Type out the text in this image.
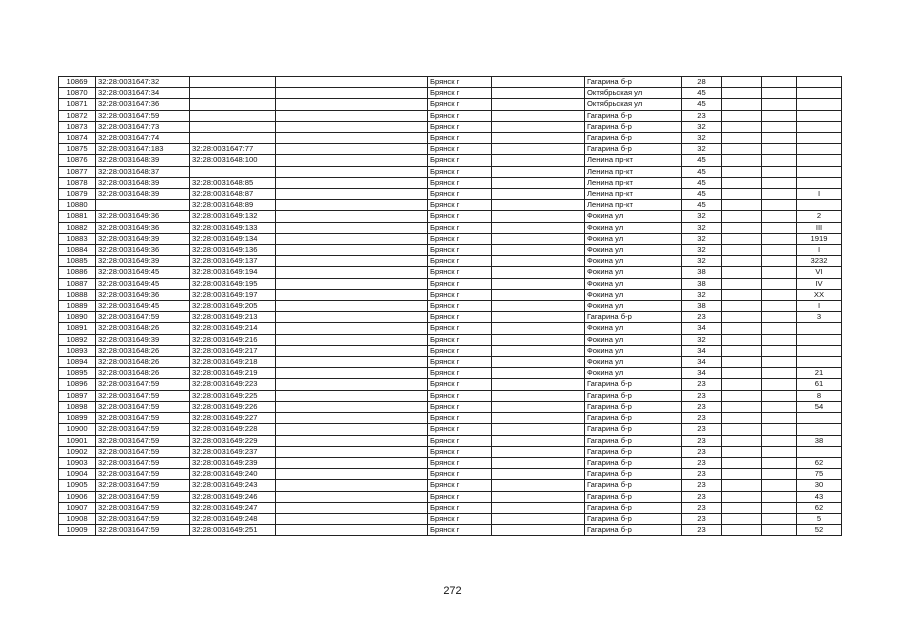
10869	32:28:0031647:32			Брянск г		Гагарина б-р	28			
10870	32:28:0031647:34			Брянск г		Октябрьская ул	45			
10871	32:28:0031647:36			Брянск г		Октябрьская ул	45			
10872	32:28:0031647:59			Брянск г		Гагарина б-р	23			
10873	32:28:0031647:73			Брянск г		Гагарина б-р	32			
10874	32:28:0031647:74			Брянск г		Гагарина б-р	32			
10875	32:28:0031647:183	32:28:0031647:77		Брянск г		Гагарина б-р	32			
10876	32:28:0031648:39	32:28:0031648:100		Брянск г		Ленина пр-кт	45			
10877	32:28:0031648:37			Брянск г		Ленина пр-кт	45			
10878	32:28:0031648:39	32:28:0031648:85		Брянск г		Ленина пр-кт	45			
10879	32:28:0031648:39	32:28:0031648:87		Брянск г		Ленина пр-кт	45			I
10880		32:28:0031648:89		Брянск г		Ленина пр-кт	45			
10881	32:28:0031649:36	32:28:0031649:132		Брянск г		Фокина ул	32			2
10882	32:28:0031649:36	32:28:0031649:133		Брянск г		Фокина ул	32			III
10883	32:28:0031649:39	32:28:0031649:134		Брянск г		Фокина ул	32			1919
10884	32:28:0031649:36	32:28:0031649:136		Брянск г		Фокина ул	32			I
10885	32:28:0031649:39	32:28:0031649:137		Брянск г		Фокина ул	32			3232
10886	32:28:0031649:45	32:28:0031649:194		Брянск г		Фокина ул	38			VI
10887	32:28:0031649:45	32:28:0031649:195		Брянск г		Фокина ул	38			IV
10888	32:28:0031649:36	32:28:0031649:197		Брянск г		Фокина ул	32			XX
10889	32:28:0031649:45	32:28:0031649:205		Брянск г		Фокина ул	38			I
10890	32:28:0031647:59	32:28:0031649:213		Брянск г		Гагарина б-р	23			3
10891	32:28:0031648:26	32:28:0031649:214		Брянск г		Фокина ул	34			
10892	32:28:0031649:39	32:28:0031649:216		Брянск г		Фокина ул	32			
10893	32:28:0031648:26	32:28:0031649:217		Брянск г		Фокина ул	34			
10894	32:28:0031648:26	32:28:0031649:218		Брянск г		Фокина ул	34			
10895	32:28:0031648:26	32:28:0031649:219		Брянск г		Фокина ул	34			21
10896	32:28:0031647:59	32:28:0031649:223		Брянск г		Гагарина б-р	23			61
10897	32:28:0031647:59	32:28:0031649:225		Брянск г		Гагарина б-р	23			8
10898	32:28:0031647:59	32:28:0031649:226		Брянск г		Гагарина б-р	23			54
10899	32:28:0031647:59	32:28:0031649:227		Брянск г		Гагарина б-р	23			
10900	32:28:0031647:59	32:28:0031649:228		Брянск г		Гагарина б-р	23			
10901	32:28:0031647:59	32:28:0031649:229		Брянск г		Гагарина б-р	23			38
10902	32:28:0031647:59	32:28:0031649:237		Брянск г		Гагарина б-р	23			
10903	32:28:0031647:59	32:28:0031649:239		Брянск г		Гагарина б-р	23			62
10904	32:28:0031647:59	32:28:0031649:240		Брянск г		Гагарина б-р	23			75
10905	32:28:0031647:59	32:28:0031649:243		Брянск г		Гагарина б-р	23			30
10906	32:28:0031647:59	32:28:0031649:246		Брянск г		Гагарина б-р	23			43
10907	32:28:0031647:59	32:28:0031649:247		Брянск г		Гагарина б-р	23			62
10908	32:28:0031647:59	32:28:0031649:248		Брянск г		Гагарина б-р	23			5
10909	32:28:0031647:59	32:28:0031649:251		Брянск г		Гагарина б-р	23			52
272
